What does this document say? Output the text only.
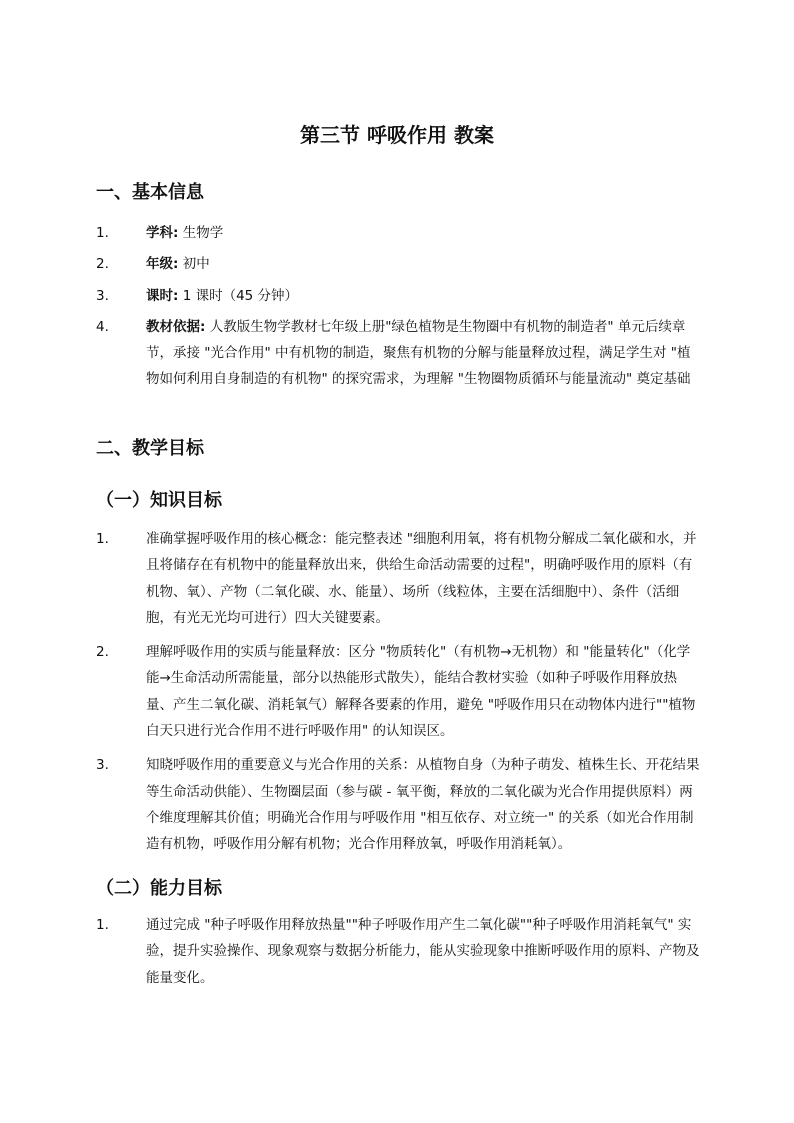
第三节 呼吸作用 教案
一、基本信息
1.	学科: 生物学
2.	年级: 初中
3.	课时: 1 课时（45 分钟）
4.	教材依据: 人教版生物学教材七年级上册"绿色植物是生物圈中有机物的制造者" 单元后续章节，承接 "光合作用" 中有机物的制造，聚焦有机物的分解与能量释放过程，满足学生对 "植物如何利用自身制造的有机物" 的探究需求，为理解 "生物圈物质循环与能量流动" 奠定基础
二、教学目标
（一）知识目标
1.	准确掌握呼吸作用的核心概念：能完整表述 "细胞利用氧，将有机物分解成二氧化碳和水，并且将储存在有机物中的能量释放出来，供给生命活动需要的过程"，明确呼吸作用的原料（有机物、氧）、产物（二氧化碳、水、能量）、场所（线粒体，主要在活细胞中）、条件（活细胞，有光无光均可进行）四大关键要素。
2.	理解呼吸作用的实质与能量释放：区分 "物质转化"（有机物→无机物）和 "能量转化"（化学能→生命活动所需能量，部分以热能形式散失），能结合教材实验（如种子呼吸作用释放热量、产生二氧化碳、消耗氧气）解释各要素的作用，避免 "呼吸作用只在动物体内进行""植物白天只进行光合作用不进行呼吸作用" 的认知误区。
3.	知晓呼吸作用的重要意义与光合作用的关系：从植物自身（为种子萌发、植株生长、开花结果等生命活动供能）、生物圈层面（参与碳 - 氧平衡，释放的二氧化碳为光合作用提供原料）两个维度理解其价值；明确光合作用与呼吸作用 "相互依存、对立统一" 的关系（如光合作用制造有机物，呼吸作用分解有机物；光合作用释放氧，呼吸作用消耗氧）。
（二）能力目标
1.	通过完成 "种子呼吸作用释放热量""种子呼吸作用产生二氧化碳""种子呼吸作用消耗氧气" 实验，提升实验操作、现象观察与数据分析能力，能从实验现象中推断呼吸作用的原料、产物及能量变化。
